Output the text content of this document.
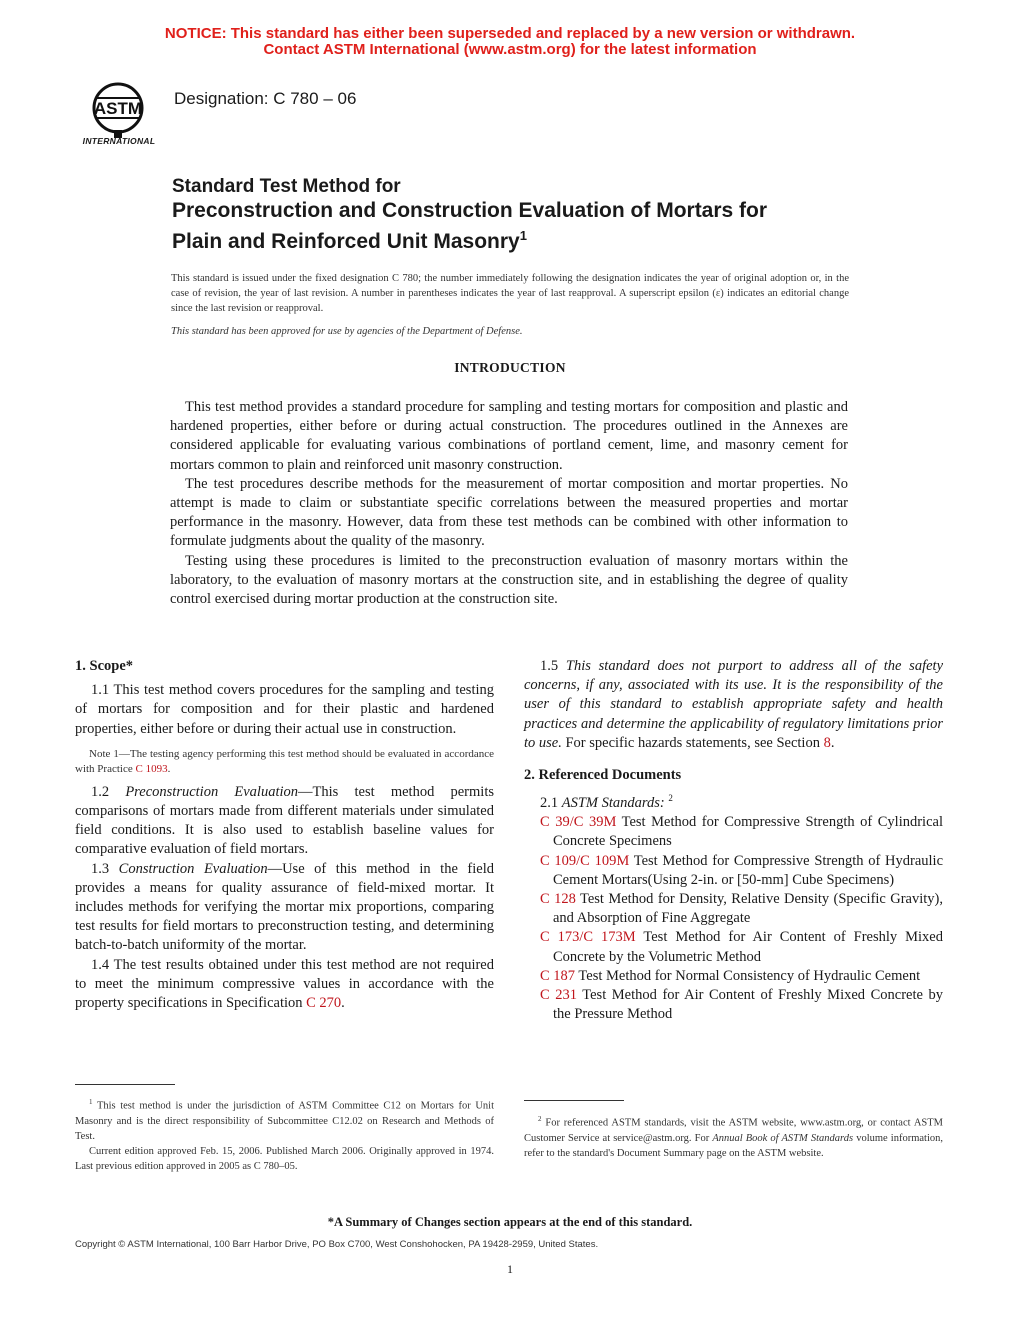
NOTICE: This standard has either been superseded and replaced by a new version or withdrawn.
Contact ASTM International (www.astm.org) for the latest information
ASTM
INTERNATIONAL
Designation: C 780 – 06
Standard Test Method for
Preconstruction and Construction Evaluation of Mortars for
Plain and Reinforced Unit Masonry$^1$
This standard is issued under the fixed designation C 780; the number immediately following the designation indicates the year of original adoption or, in the case of revision, the year of last revision. A number in parentheses indicates the year of last reapproval. A superscript epsilon (ε) indicates an editorial change since the last revision or reapproval.
This standard has been approved for use by agencies of the Department of Defense.
INTRODUCTION

This test method provides a standard procedure for sampling and testing mortars for composition and plastic and hardened properties, either before or during actual construction. The procedures outlined in the Annexes are considered applicable for evaluating various combinations of portland cement, lime, and masonry cement for mortars common to plain and reinforced unit masonry construction.

The test procedures describe methods for the measurement of mortar composition and mortar properties. No attempt is made to claim or substantiate specific correlations between the measured properties and mortar performance in the masonry. However, data from these test methods can be combined with other information to formulate judgments about the quality of the masonry.

Testing using these procedures is limited to the preconstruction evaluation of masonry mortars within the laboratory, to the evaluation of masonry mortars at the construction site, and in establishing the degree of quality control exercised during mortar production at the construction site.

1. Scope*

1.1 This test method covers procedures for the sampling and testing of mortars for composition and for their plastic and hardened properties, either before or during their actual use in construction.

Note 1—The testing agency performing this test method should be evaluated in accordance with Practice C 1093.

1.2 Preconstruction Evaluation—This test method permits comparisons of mortars made from different materials under simulated field conditions. It is also used to establish baseline values for comparative evaluation of field mortars.

1.3 Construction Evaluation—Use of this method in the field provides a means for quality assurance of field-mixed mortar. It includes methods for verifying the mortar mix proportions, comparing test results for field mortars to preconstruction testing, and determining batch-to-batch uniformity of the mortar.

1.4 The test results obtained under this test method are not required to meet the minimum compressive values in accordance with the property specifications in Specification C 270.

1.5 This standard does not purport to address all of the safety concerns, if any, associated with its use. It is the responsibility of the user of this standard to establish appropriate safety and health practices and determine the applicability of regulatory limitations prior to use. For specific hazards statements, see Section 8.

2. Referenced Documents

2.1 ASTM Standards: $^2$

C 39/C 39M Test Method for Compressive Strength of Cylindrical Concrete Specimens

C 109/C 109M Test Method for Compressive Strength of Hydraulic Cement Mortars(Using 2-in. or [50-mm] Cube Specimens)

C 128 Test Method for Density, Relative Density (Specific Gravity), and Absorption of Fine Aggregate

C 173/C 173M Test Method for Air Content of Freshly Mixed Concrete by the Volumetric Method

C 187 Test Method for Normal Consistency of Hydraulic Cement

C 231 Test Method for Air Content of Freshly Mixed Concrete by the Pressure Method

$^1$ This test method is under the jurisdiction of ASTM Committee C12 on Mortars for Unit Masonry and is the direct responsibility of Subcommittee C12.02 on Research and Methods of Test.

Current edition approved Feb. 15, 2006. Published March 2006. Originally approved in 1974. Last previous edition approved in 2005 as C 780–05.

$^2$ For referenced ASTM standards, visit the ASTM website, www.astm.org, or contact ASTM Customer Service at service@astm.org. For Annual Book of ASTM Standards volume information, refer to the standard's Document Summary page on the ASTM website.

*A Summary of Changes section appears at the end of this standard.
Copyright © ASTM International, 100 Barr Harbor Drive, PO Box C700, West Conshohocken, PA 19428-2959, United States.
1
